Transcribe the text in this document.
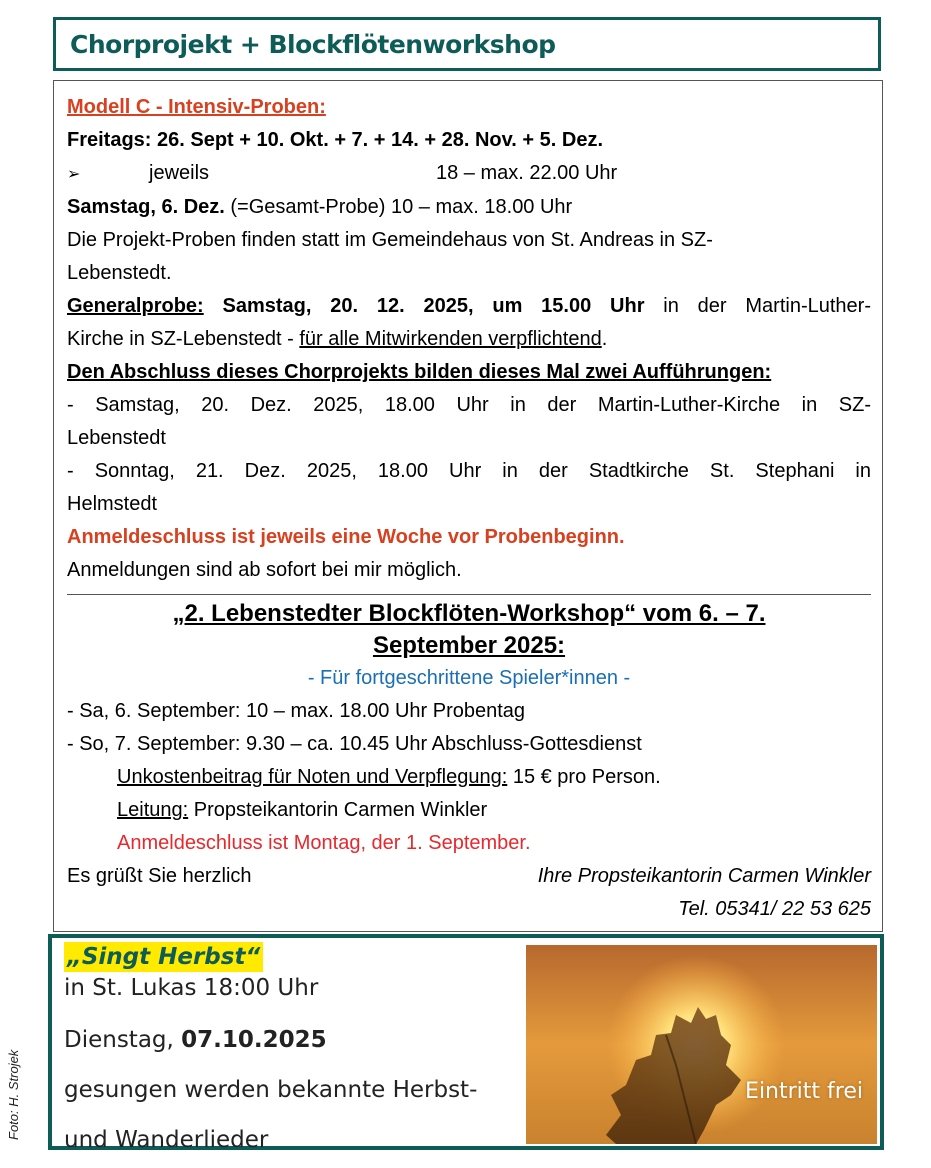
Chorprojekt + Blockflötenworkshop
Modell C - Intensiv-Proben:
Freitags: 26. Sept + 10. Okt. + 7. + 14. + 28. Nov. + 5. Dez.
➢	jeweils	18 – max. 22.00 Uhr
Samstag, 6. Dez. (=Gesamt-Probe) 10 – max. 18.00 Uhr
Die Projekt-Proben finden statt im Gemeindehaus von St. Andreas in SZ-
Lebenstedt.
Generalprobe: Samstag, 20. 12. 2025, um 15.00 Uhr in der Martin-Luther-
Kirche in SZ-Lebenstedt - für alle Mitwirkenden verpflichtend.
Den Abschluss dieses Chorprojekts bilden dieses Mal zwei Aufführungen:
- Samstag, 20. Dez. 2025, 18.00 Uhr in der Martin-Luther-Kirche in SZ-
Lebenstedt
- Sonntag, 21. Dez. 2025, 18.00 Uhr in der Stadtkirche St. Stephani in
Helmstedt
Anmeldeschluss ist jeweils eine Woche vor Probenbeginn.
Anmeldungen sind ab sofort bei mir möglich.
„2. Lebenstedter Blockflöten-Workshop“ vom 6. – 7.
September 2025:
- Für fortgeschrittene Spieler*innen -
- Sa, 6. September: 10 – max. 18.00 Uhr Probentag
- So, 7. September: 9.30 – ca. 10.45 Uhr Abschluss-Gottesdienst
Unkostenbeitrag für Noten und Verpflegung: 15 € pro Person.
Leitung: Propsteikantorin Carmen Winkler
Anmeldeschluss ist Montag, der 1. September.
Es grüßt Sie herzlich	Ihre Propsteikantorin Carmen Winkler
Tel. 05341/ 22 53 625
„Singt Herbst“
in St. Lukas 18:00 Uhr
Dienstag, 07.10.2025
gesungen werden bekannte Herbst-
und Wanderlieder
Eintritt frei
Foto: H. Strojek
